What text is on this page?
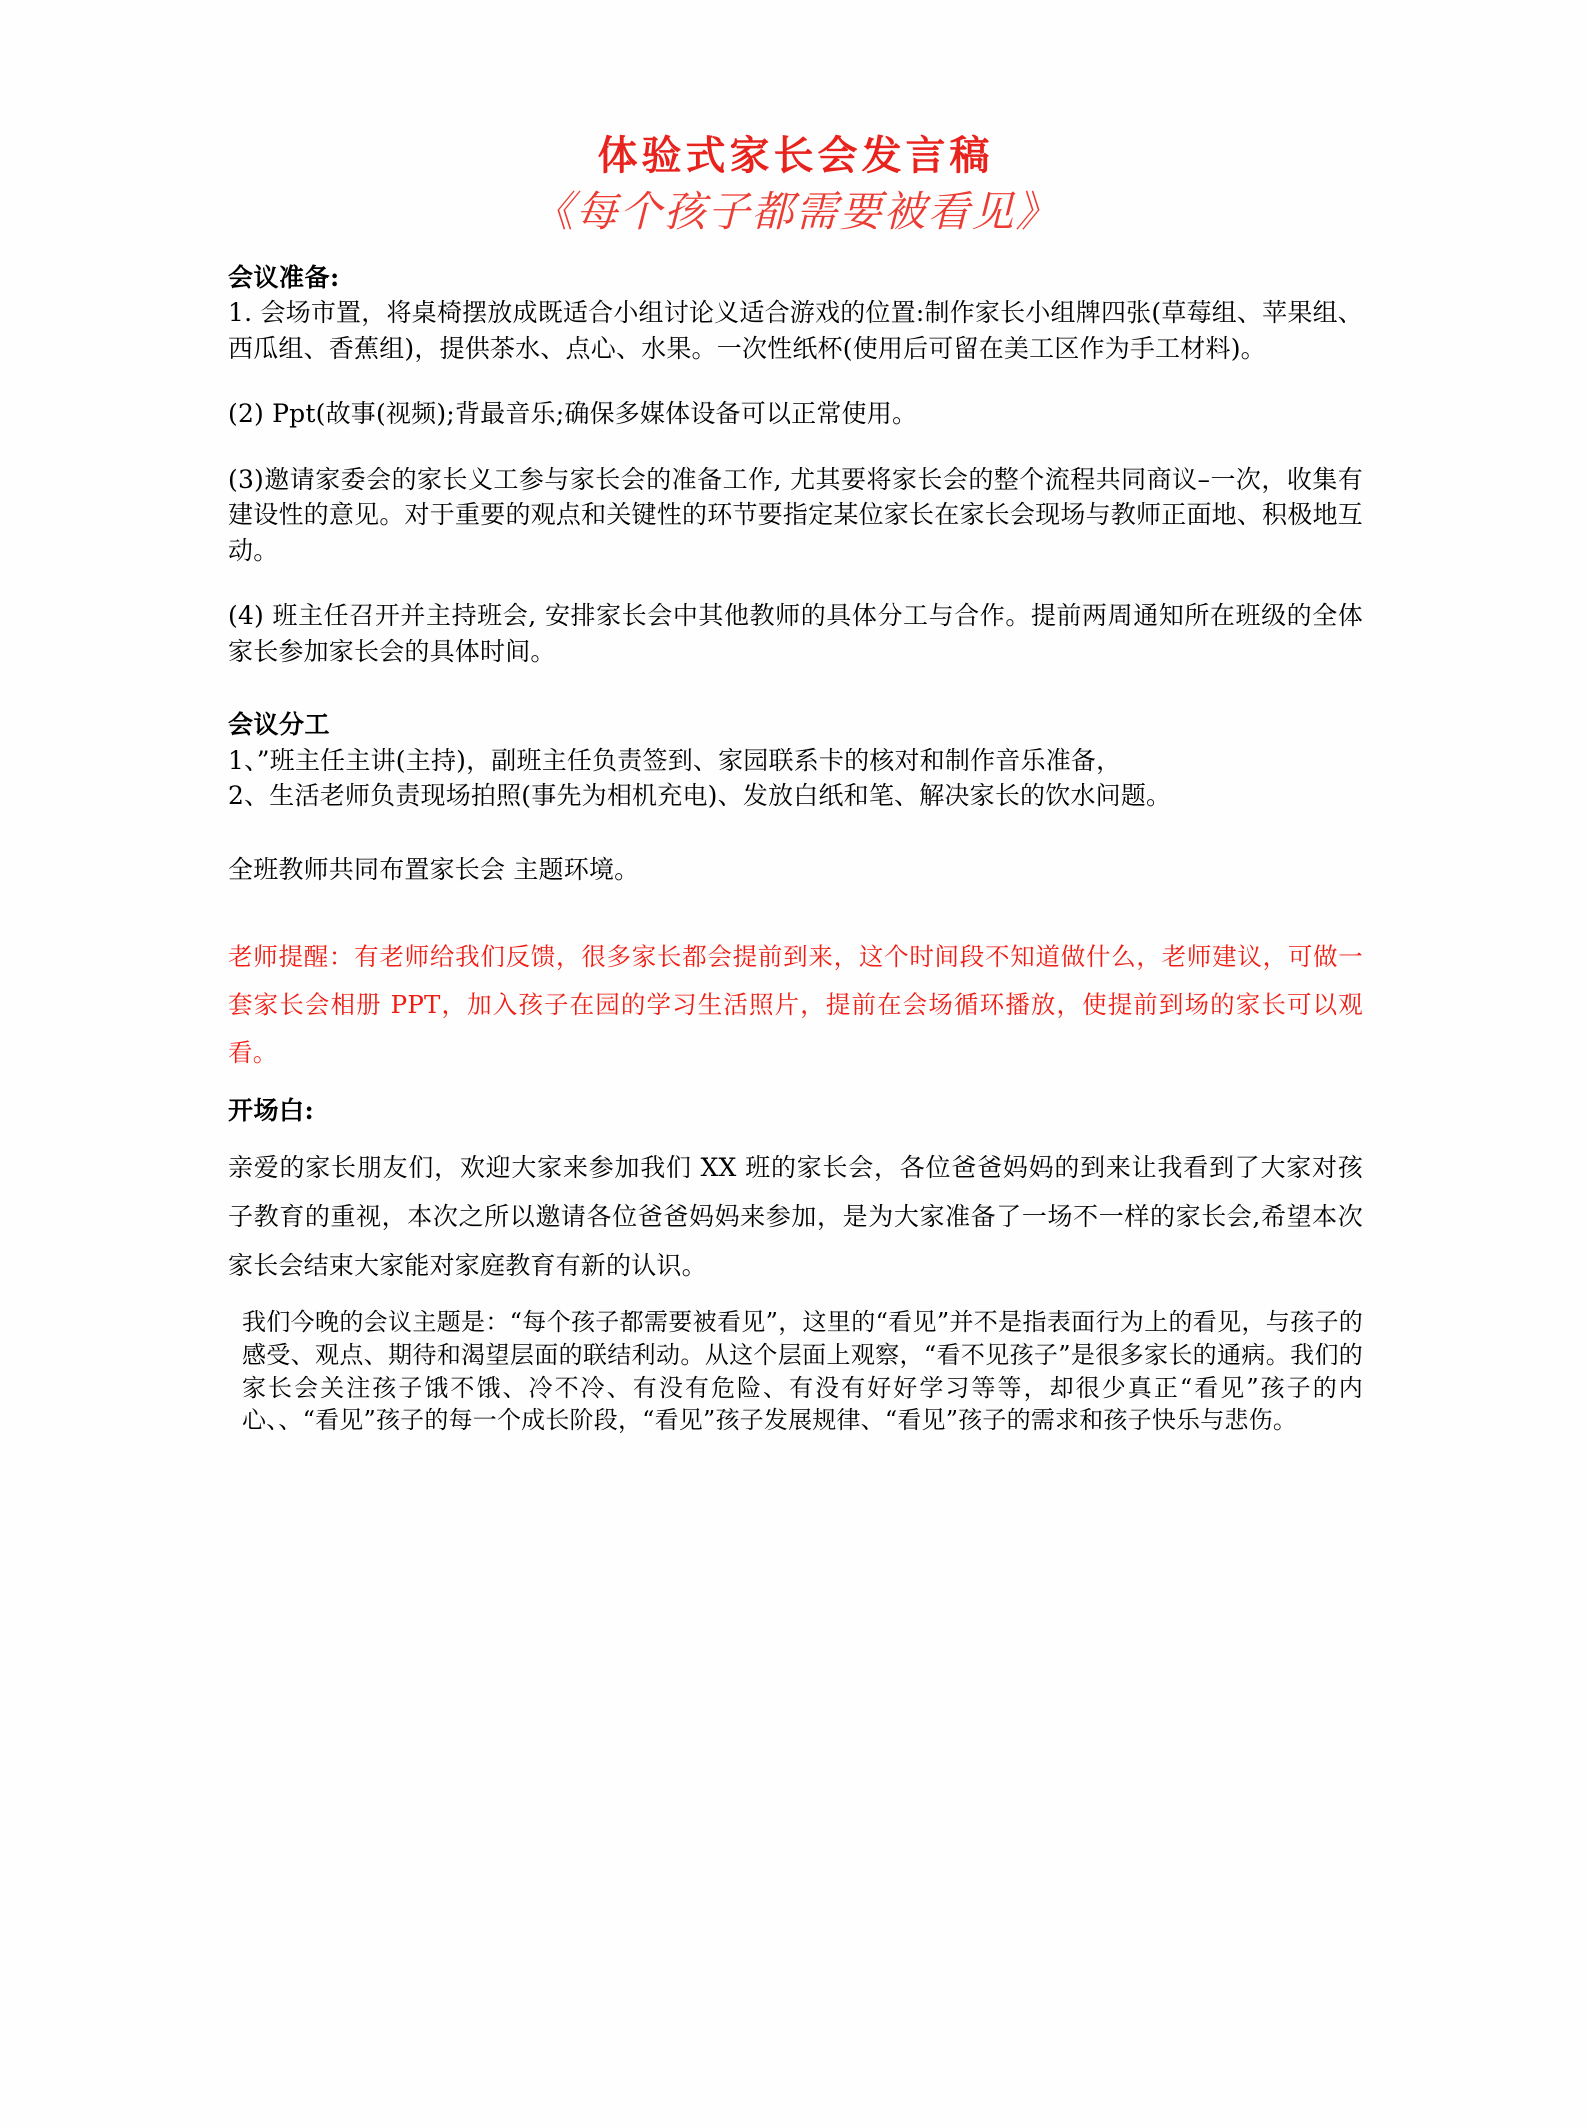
体验式家长会发言稿
《每个孩子都需要被看见》
会议准备:

1. 会场市置，将桌椅摆放成既适合小组讨论义适合游戏的位置:制作家长小组牌四张(草莓组、苹果组、西瓜组、香蕉组)，提供茶水、点心、水果。一次性纸杯(使用后可留在美工区作为手工材料)。

(2) Ppt(故事(视频);背最音乐;确保多媒体设备可以正常使用。

(3)邀请家委会的家长义工参与家长会的准备工作, 尤其要将家长会的整个流程共同商议–一次，收集有建设性的意见。对于重要的观点和关键性的环节要指定某位家长在家长会现场与教师正面地、积极地互动。

(4) 班主任召开并主持班会, 安排家长会中其他教师的具体分工与合作。提前两周通知所在班级的全体家长参加家长会的具体时间。

会议分工

1、”班主任主讲(主持)，副班主任负责签到、家园联系卡的核对和制作音乐准备，

2、生活老师负责现场拍照(事先为相机充电)、发放白纸和笔、解决家长的饮水问题。

全班教师共同布置家长会 主题环境。

老师提醒：有老师给我们反馈，很多家长都会提前到来，这个时间段不知道做什么，老师建议，可做一套家长会相册 PPT，加入孩子在园的学习生活照片，提前在会场循环播放，使提前到场的家长可以观看。

开场白:

亲爱的家长朋友们，欢迎大家来参加我们 XX 班的家长会，各位爸爸妈妈的到来让我看到了大家对孩子教育的重视，本次之所以邀请各位爸爸妈妈来参加，是为大家准备了一场不一样的家长会,希望本次家长会结束大家能对家庭教育有新的认识。

我们今晚的会议主题是：“每个孩子都需要被看见”，这里的“看见”并不是指表面行为上的看见，与孩子的感受、观点、期待和渴望层面的联结利动。从这个层面上观察，“看不见孩子”是很多家长的通病。我们的家长会关注孩子饿不饿、冷不冷、有没有危险、有没有好好学习等等，却很少真正“看见”孩子的内心、、“看见”孩子的每一个成长阶段，“看见”孩子发展规律、“看见”孩子的需求和孩子快乐与悲伤。
